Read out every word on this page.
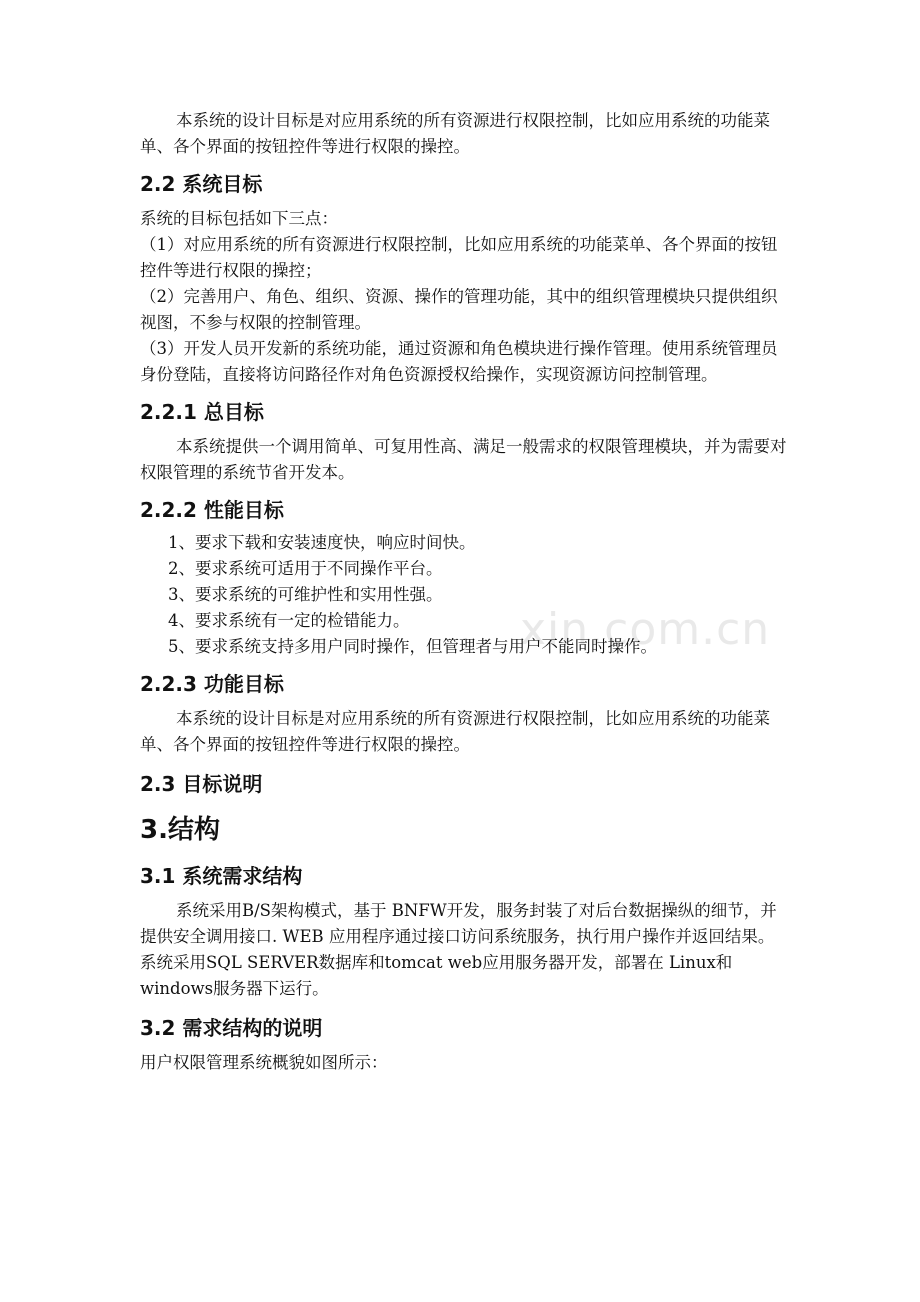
xin.com.cn

本系统的设计目标是对应用系统的所有资源进行权限控制，比如应用系统的功能菜单、各个界面的按钮控件等进行权限的操控。

2.2 系统目标

系统的目标包括如下三点：

（1）对应用系统的所有资源进行权限控制，比如应用系统的功能菜单、各个界面的按钮控件等进行权限的操控；

（2）完善用户、角色、组织、资源、操作的管理功能，其中的组织管理模块只提供组织视图，不参与权限的控制管理。

（3）开发人员开发新的系统功能，通过资源和角色模块进行操作管理。使用系统管理员身份登陆，直接将访问路径作对角色资源授权给操作，实现资源访问控制管理。

2.2.1 总目标

本系统提供一个调用简单、可复用性高、满足一般需求的权限管理模块，并为需要对权限管理的系统节省开发本。

2.2.2 性能目标
1、要求下载和安装速度快，响应时间快。
2、要求系统可适用于不同操作平台。
3、要求系统的可维护性和实用性强。
4、要求系统有一定的检错能力。
5、要求系统支持多用户同时操作，但管理者与用户不能同时操作。
2.2.3 功能目标

本系统的设计目标是对应用系统的所有资源进行权限控制，比如应用系统的功能菜单、各个界面的按钮控件等进行权限的操控。

2.3 目标说明
3.结构
3.1 系统需求结构

系统采用B/S架构模式，基于 BNFW开发，服务封装了对后台数据操纵的细节，并提供安全调用接口. WEB 应用程序通过接口访问系统服务，执行用户操作并返回结果。 系统采用SQL SERVER数据库和tomcat web应用服务器开发，部署在 Linux和windows服务器下运行。

3.2 需求结构的说明

用户权限管理系统概貌如图所示：
